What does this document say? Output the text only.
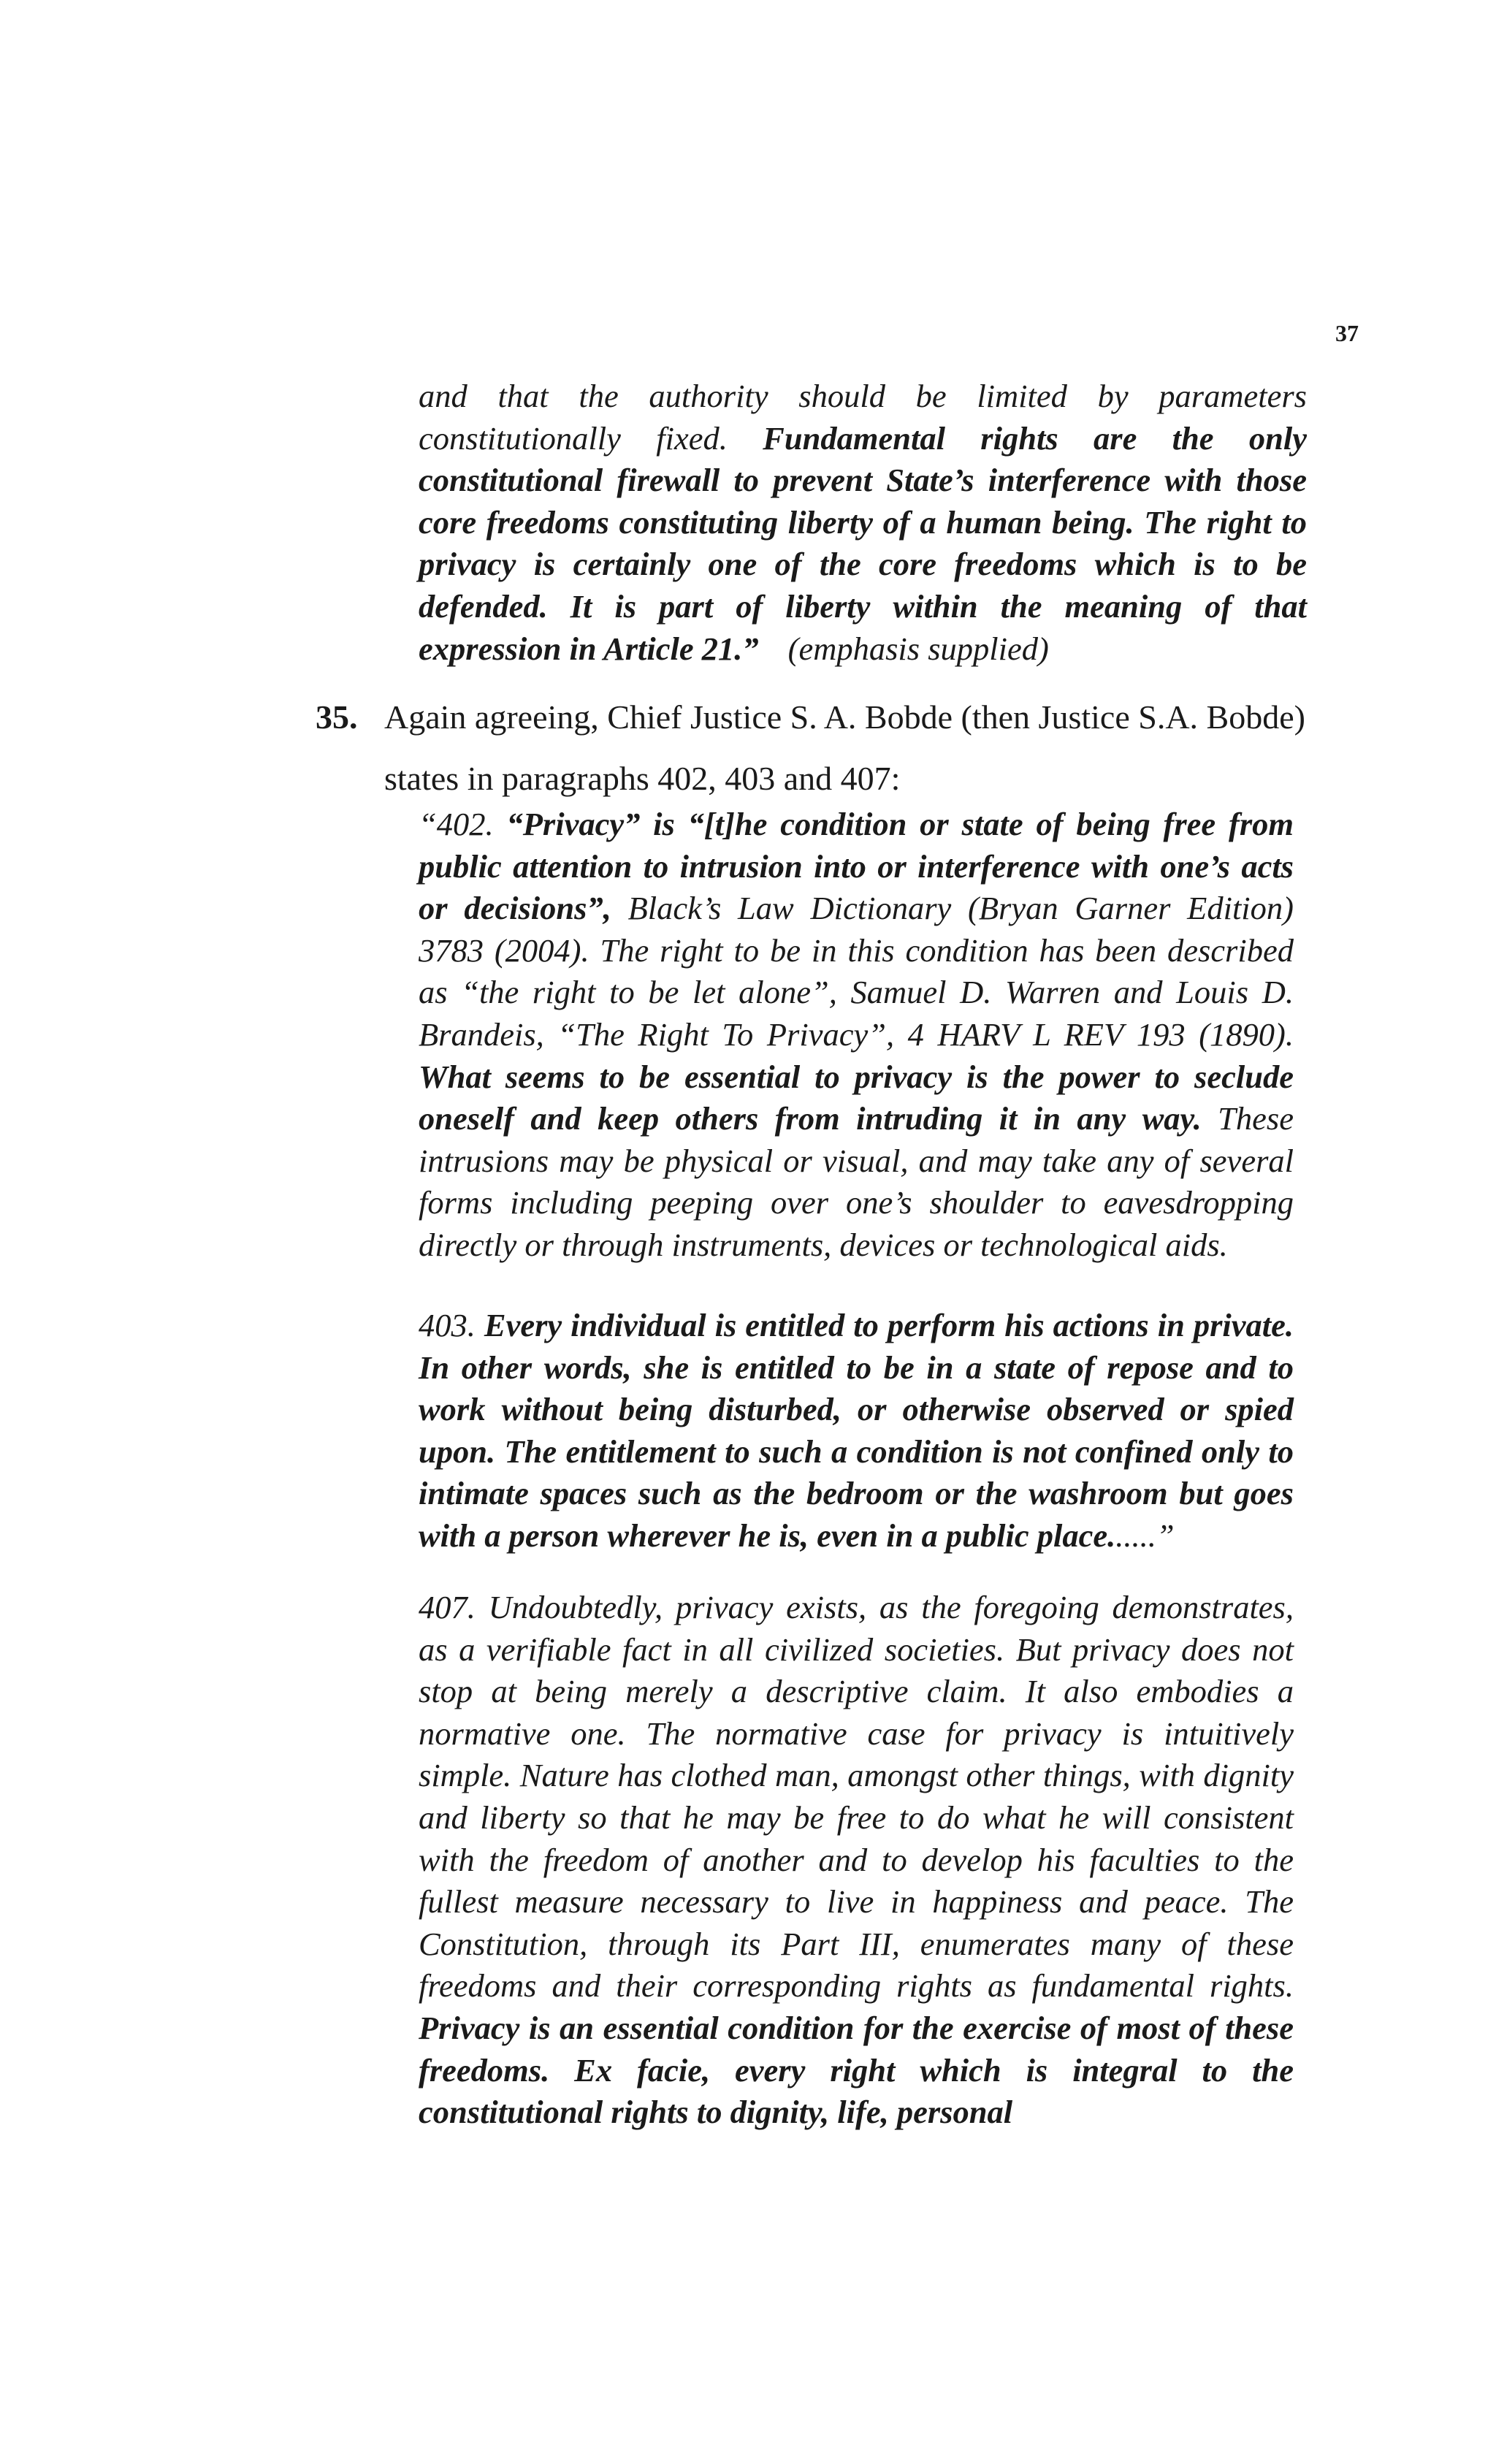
37

and that the authority should be limited by parameters constitutionally fixed. Fundamental rights are the only constitutional firewall to prevent State’s interference with those core freedoms constituting liberty of a human being. The right to privacy is certainly one of the core freedoms which is to be defended. It is part of liberty within the meaning of that expression in Article 21.” (emphasis supplied)

35. Again agreeing, Chief Justice S. A. Bobde (then Justice S.A. Bobde) states in paragraphs 402, 403 and 407:

“402. “Privacy” is “[t]he condition or state of being free from public attention to intrusion into or interference with one’s acts or decisions”, Black’s Law Dictionary (Bryan Garner Edition) 3783 (2004). The right to be in this condition has been described as “the right to be let alone”, Samuel D. Warren and Louis D. Brandeis, “The Right To Privacy”, 4 HARV L REV 193 (1890). What seems to be essential to privacy is the power to seclude oneself and keep others from intruding it in any way. These intrusions may be physical or visual, and may take any of several forms including peeping over one’s shoulder to eavesdropping directly or through instruments, devices or technological aids.

403. Every individual is entitled to perform his actions in private. In other words, she is entitled to be in a state of repose and to work without being disturbed, or otherwise observed or spied upon. The entitlement to such a condition is not confined only to intimate spaces such as the bedroom or the washroom but goes with a person wherever he is, even in a public place......”

407. Undoubtedly, privacy exists, as the foregoing demonstrates, as a verifiable fact in all civilized societies. But privacy does not stop at being merely a descriptive claim. It also embodies a normative one. The normative case for privacy is intuitively simple. Nature has clothed man, amongst other things, with dignity and liberty so that he may be free to do what he will consistent with the freedom of another and to develop his faculties to the fullest measure necessary to live in happiness and peace. The Constitution, through its Part III, enumerates many of these freedoms and their corresponding rights as fundamental rights. Privacy is an essential condition for the exercise of most of these freedoms. Ex facie, every right which is integral to the constitutional rights to dignity, life, personal
